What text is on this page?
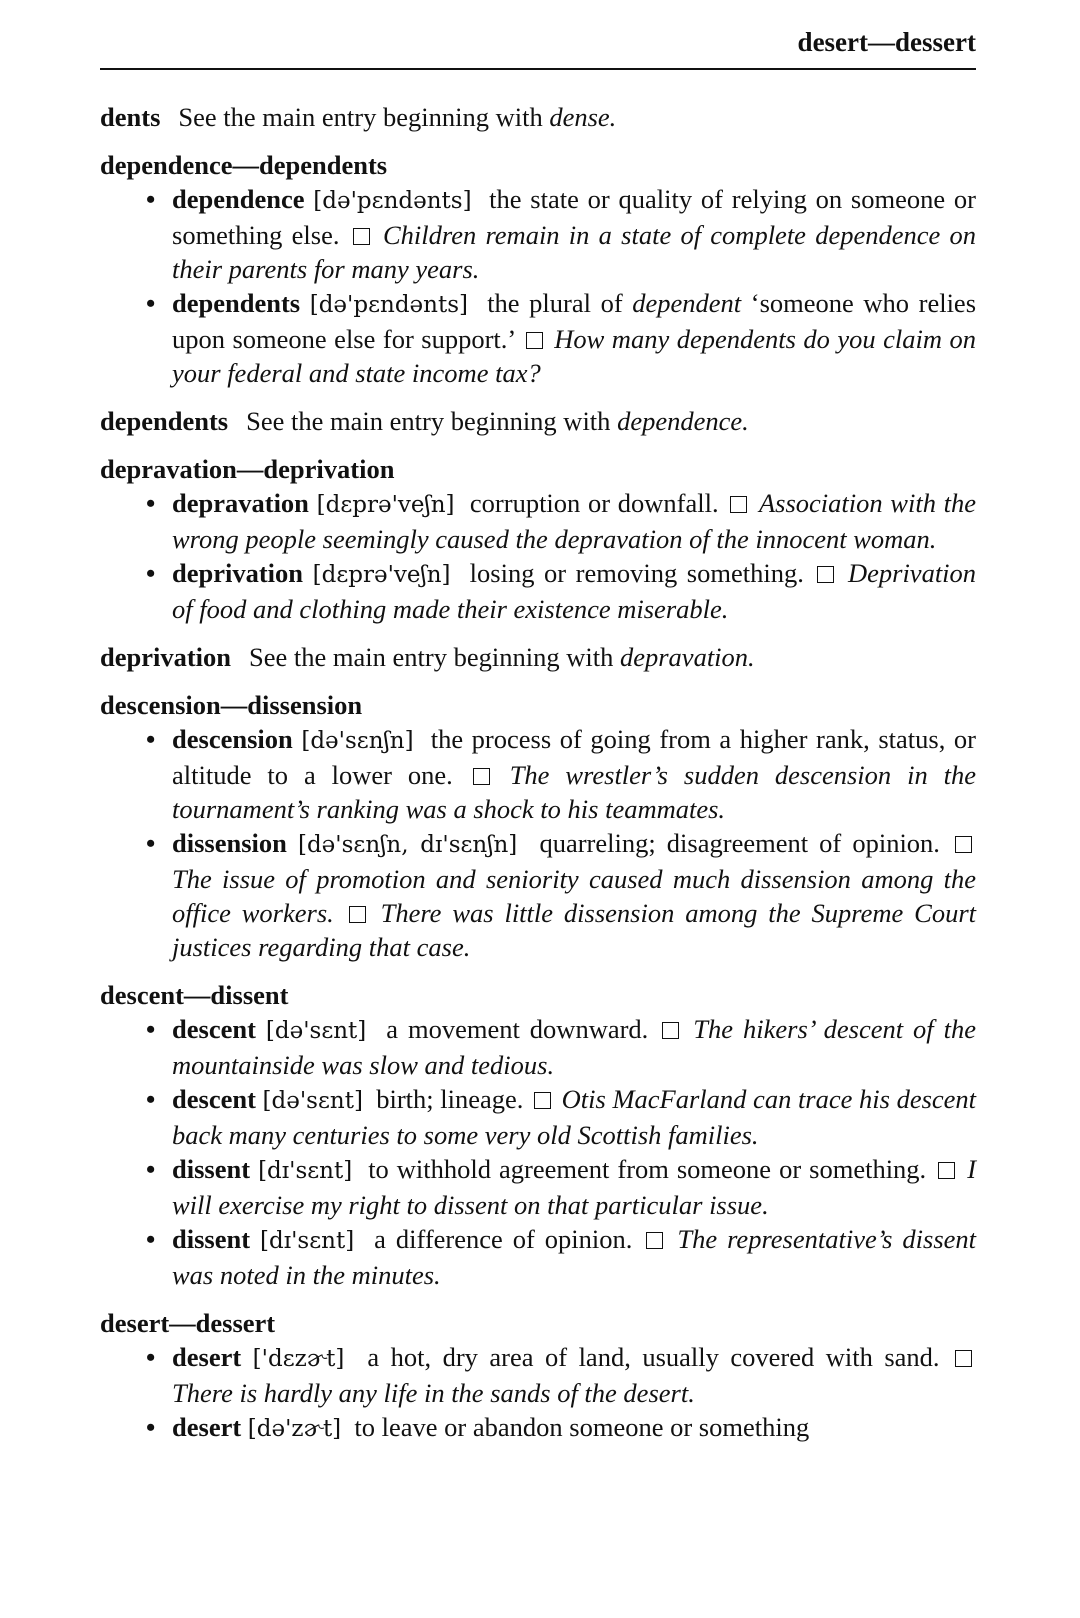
desert—dessert
dents See the main entry beginning with dense.
dependence—dependents
• dependence [də'pɛndənts] the state or quality of relying on someone or something else. Children remain in a state of complete dependence on their parents for many years.
• dependents [də'pɛndənts] the plural of dependent ‘someone who relies upon someone else for support.’ How many dependents do you claim on your federal and state income tax?
dependents See the main entry beginning with dependence.
depravation—deprivation
• depravation [dɛprə'veʃn] corruption or downfall. Association with the wrong people seemingly caused the depravation of the innocent woman.
• deprivation [dɛprə'veʃn] losing or removing something. Deprivation of food and clothing made their existence miserable.
deprivation See the main entry beginning with depravation.
descension—dissension
• descension [də'sɛnʃn] the process of going from a higher rank, status, or altitude to a lower one. The wrestler’s sudden descension in the tournament’s ranking was a shock to his teammates.
• dissension [də'sɛnʃn, dɪ'sɛnʃn] quarreling; disagreement of opinion.  The issue of promotion and seniority caused much dissension among the office workers. There was little dissension among the Supreme Court justices regarding that case.
descent—dissent
• descent [də'sɛnt] a movement downward. The hikers’ descent of the mountainside was slow and tedious.
• descent [də'sɛnt] birth; lineage. Otis MacFarland can trace his descent back many centuries to some very old Scottish families.
• dissent [dɪ'sɛnt] to withhold agreement from someone or something. I will exercise my right to dissent on that particular issue.
• dissent [dɪ'sɛnt] a difference of opinion. The representative’s dissent was noted in the minutes.
desert—dessert
• desert ['dɛzɚt] a hot, dry area of land, usually covered with sand.  There is hardly any life in the sands of the desert.
• desert [də'zɚt] to leave or abandon someone or something
